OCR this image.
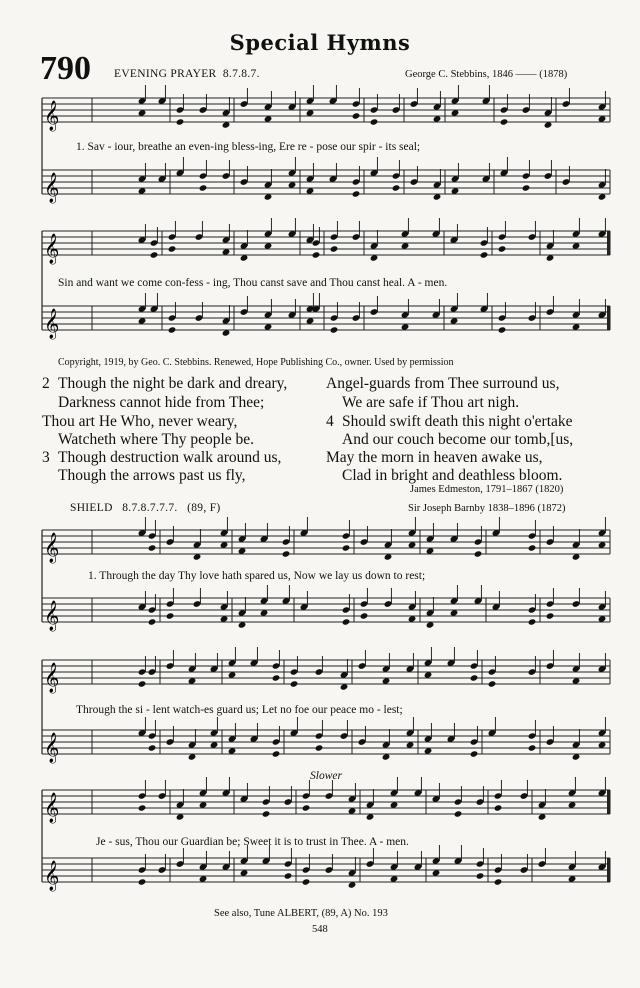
Special Hymns
790 EVENING PRAYER 8.7.8.7.	George C. Stebbins, 1846 —— (1878)
𝄞
𝄞
𝄞
𝄞
𝄞
𝄞
𝄞
𝄞
𝄞
𝄞
1. Sav - iour, breathe an even-ing bless-ing, Ere re - pose our spir - its seal;
Sin and want we come con-fess - ing, Thou canst save and Thou canst heal. A - men.
Copyright, 1919, by Geo. C. Stebbins. Renewed, Hope Publishing Co., owner. Used by permission
2 Though the night be dark and dreary,
Darkness cannot hide from Thee;
Thou art He Who, never weary,
Watcheth where Thy people be.
3 Though destruction walk around us,
Though the arrows past us fly,
Angel-guards from Thee surround us,
We are safe if Thou art nigh.
4 Should swift death this night o'ertake
And our couch become our tomb,[us,
May the morn in heaven awake us,
Clad in bright and deathless bloom.
James Edmeston, 1791–1867 (1820)
SHIELD 8.7.8.7.7.7. (89, F)	Sir Joseph Barnby 1838–1896 (1872)
1. Through the day Thy love hath spared us, Now we lay us down to rest;
Through the si - lent watch-es guard us; Let no foe our peace mo - lest;
Slower
Je - sus, Thou our Guardian be; Sweet it is to trust in Thee. A - men.
See also, Tune ALBERT, (89, A) No. 193
548
